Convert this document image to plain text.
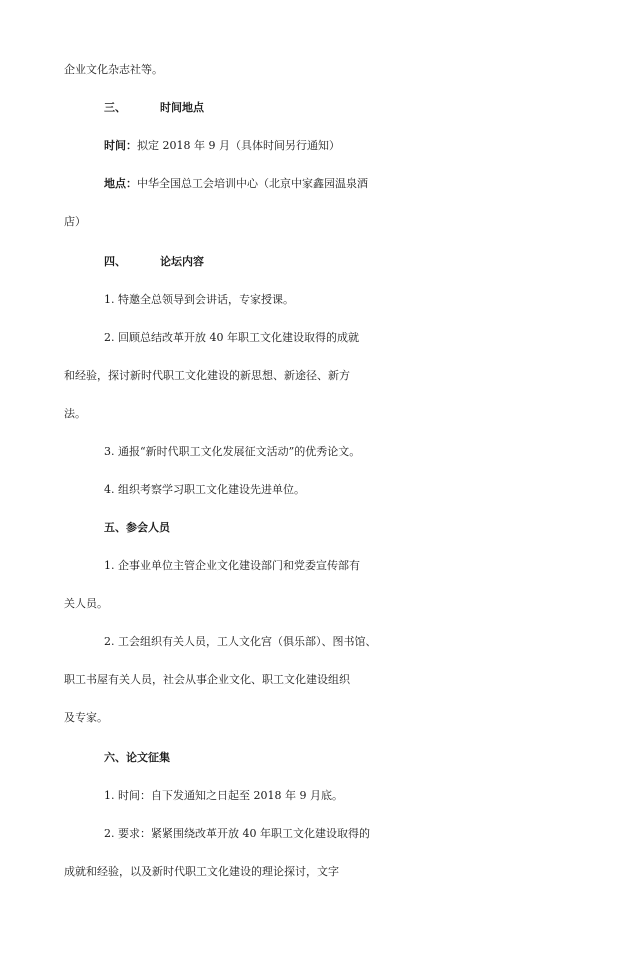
企业文化杂志社等。
三、	时间地点
时间：拟定 2018 年 9 月（具体时间另行通知）
地点：中华全国总工会培训中心（北京中家鑫园温泉酒
店）
四、	论坛内容
1. 特邀全总领导到会讲话，专家授课。
2. 回顾总结改革开放 40 年职工文化建设取得的成就
和经验，探讨新时代职工文化建设的新思想、新途径、新方
法。
3. 通报“新时代职工文化发展征文活动”的优秀论文。
4. 组织考察学习职工文化建设先进单位。
五、参会人员
1. 企事业单位主管企业文化建设部门和党委宣传部有
关人员。
2. 工会组织有关人员，工人文化宫（俱乐部）、图书馆、
职工书屋有关人员，社会从事企业文化、职工文化建设组织
及专家。
六、论文征集
1. 时间：自下发通知之日起至 2018 年 9 月底。
2. 要求：紧紧围绕改革开放 40 年职工文化建设取得的
成就和经验，以及新时代职工文化建设的理论探讨，文字
